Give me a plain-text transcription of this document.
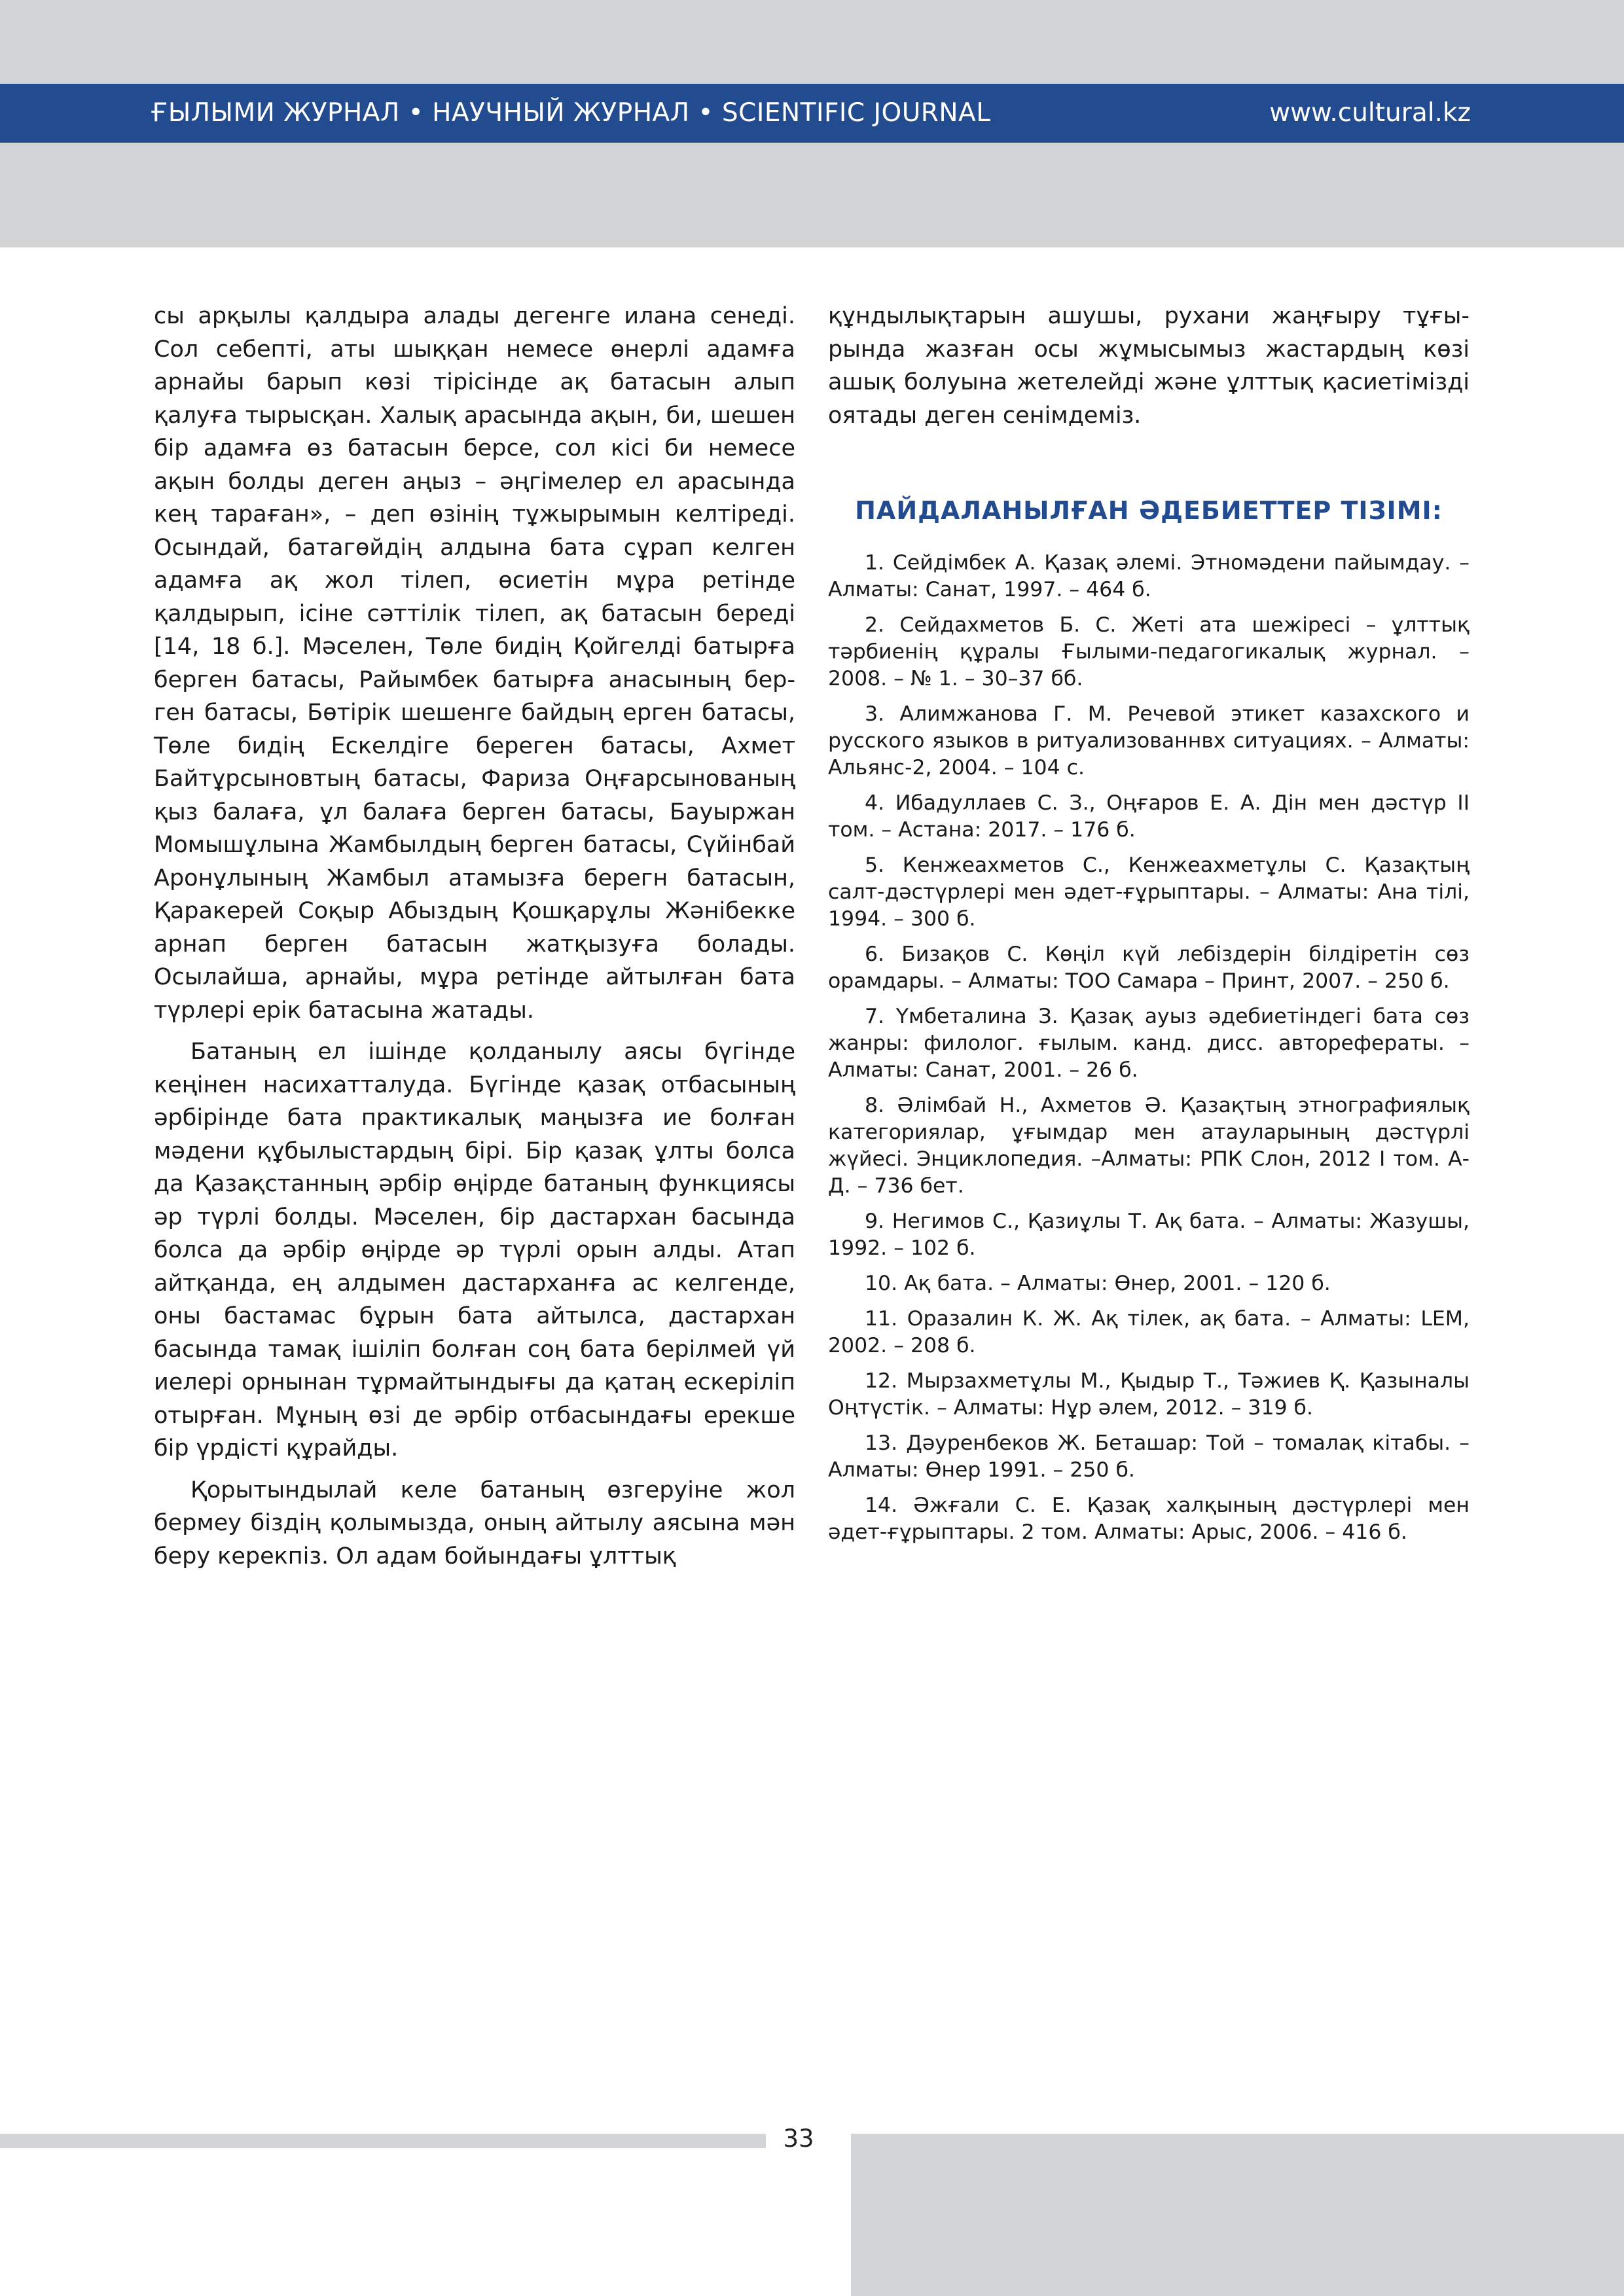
ҒЫЛЫМИ ЖУРНАЛ • НАУЧНЫЙ ЖУРНАЛ • SCIENTIFIC JOURNAL	www.cultural.kz

сы арқылы қалдыра алады дегенге илана сенеді. Сол себепті, аты шыққан немесе өнерлі адамға арнайы барып көзі тірісінде ақ батасын алып қалуға тырысқан. Халық арасында ақын, би, шешен бір адамға өз батасын берсе, сол кісі би немесе ақын болды деген аңыз – әңгімелер ел арасында кең тараған», – деп өзінің тұжырымын келтіреді. Осындай, батагөйдің алдына бата сұрап келген адамға ақ жол тілеп, өсиетін мұра ретінде қалдырып, ісіне сәттілік тілеп, ақ батасын береді [14, 18 б.]. Мәселен, Төле бидің Қойгелді батырға берген батасы, Райымбек батырға анасының берген батасы, Бөтірік шешенге байдың ерген батасы, Төле бидің Ескелдіге береген батасы, Ахмет Байтұрсыновтың батасы, Фариза Оңғарсынованың қыз балаға, ұл балаға берген батасы, Бауыржан Момышұлына Жамбылдың берген батасы, Сүйінбай Аронұлының Жамбыл атамызға берегн батасын, Қаракерей Соқыр Абыздың Қошқарұлы Жәнібекке арнап берген батасын жатқызуға болады. Осылайша, арнайы, мұра ретінде айтылған бата түрлері ерік батасына жатады.

Батаның ел ішінде қолданылу аясы бүгінде кеңінен насихатталуда. Бүгінде қазақ отбасының әрбірінде бата практикалық маңызға ие болған мәдени құбылыстардың бірі. Бір қазақ ұлты болса да Қазақстанның әрбір өңірде батаның функциясы әр түрлі болды. Мәселен, бір дастархан басында болса да әрбір өңірде әр түрлі орын алды. Атап айтқанда, ең алдымен дастарханға ас келгенде, оны бастамас бұрын бата айтылса, дастархан басында тамақ ішіліп болған соң бата берілмей үй иелері орнынан тұрмайтындығы да қатаң ескеріліп отырған. Мұның өзі де әрбір отбасындағы ерекше бір үрдісті құрайды.

Қорытындылай келе батаның өзгеруіне жол бермеу біздің қолымызда, оның айтылу аясына мән беру керекпіз. Ол адам бойындағы ұлттық

құндылықтарын ашушы, рухани жаңғыру тұғырында жазған осы жұмысымыз жастардың көзі ашық болуына жетелейді және ұлттық қасиетімізді оятады деген сенімдеміз.

ПАЙДАЛАНЫЛҒАН ӘДЕБИЕТТЕР ТІЗІМІ:

1. Сейдімбек А. Қазақ әлемі. Этномәдени пайымдау. – Алматы: Санат, 1997. – 464 б.

2. Сейдахметов Б. С. Жеті ата шежіресі – ұлттық тәрбиенің құралы Ғылыми-педагогикалық журнал. – 2008. – № 1. – 30–37 бб.

3. Алимжанова Г. М. Речевой этикет казахского и русского языков в ритуализованнвх ситуациях. – Алматы: Альянс-2, 2004. – 104 с.

4. Ибадуллаев С. З., Оңғаров Е. А. Дін мен дәстүр II том. – Астана: 2017. – 176 б.

5. Кенжеахметов С., Кенжеахметұлы С. Қазақтың салт-дәстүрлері мен әдет-ғұрыптары. – Алматы: Ана тілі, 1994. – 300 б.

6. Бизақов С. Көңіл күй лебіздерін білдіретін сөз орамдары. – Алматы: ТОО Самара – Принт, 2007. – 250 б.

7. Үмбеталина З. Қазақ ауыз әдебиетіндегі бата сөз жанры: филолог. ғылым. канд. дисс. авторефераты. – Алматы: Санат, 2001. – 26 б.

8. Әлімбай Н., Ахметов Ә. Қазақтың этнографиялық категориялар, ұғымдар мен атауларының дәстүрлі жүйесі. Энциклопедия. –Алматы: РПК Слон, 2012 I том. А-Д. – 736 бет.

9. Негимов С., Қазиұлы Т. Ақ бата. – Алматы: Жазушы, 1992. – 102 б.

10. Ақ бата. – Алматы: Өнер, 2001. – 120 б.

11. Оразалин К. Ж. Ақ тілек, ақ бата. – Алматы: LEM, 2002. – 208 б.

12. Мырзахметұлы М., Қыдыр Т., Тәжиев Қ. Қазыналы Оңтүстік. – Алматы: Нұр әлем, 2012. – 319 б.

13. Дәуренбеков Ж. Беташар: Той – томалақ кітабы. – Алматы: Өнер 1991. – 250 б.

14. Әжғали С. Е. Қазақ халқының дәстүрлері мен әдет-ғұрыптары. 2 том. Алматы: Арыс, 2006. – 416 б.

33
